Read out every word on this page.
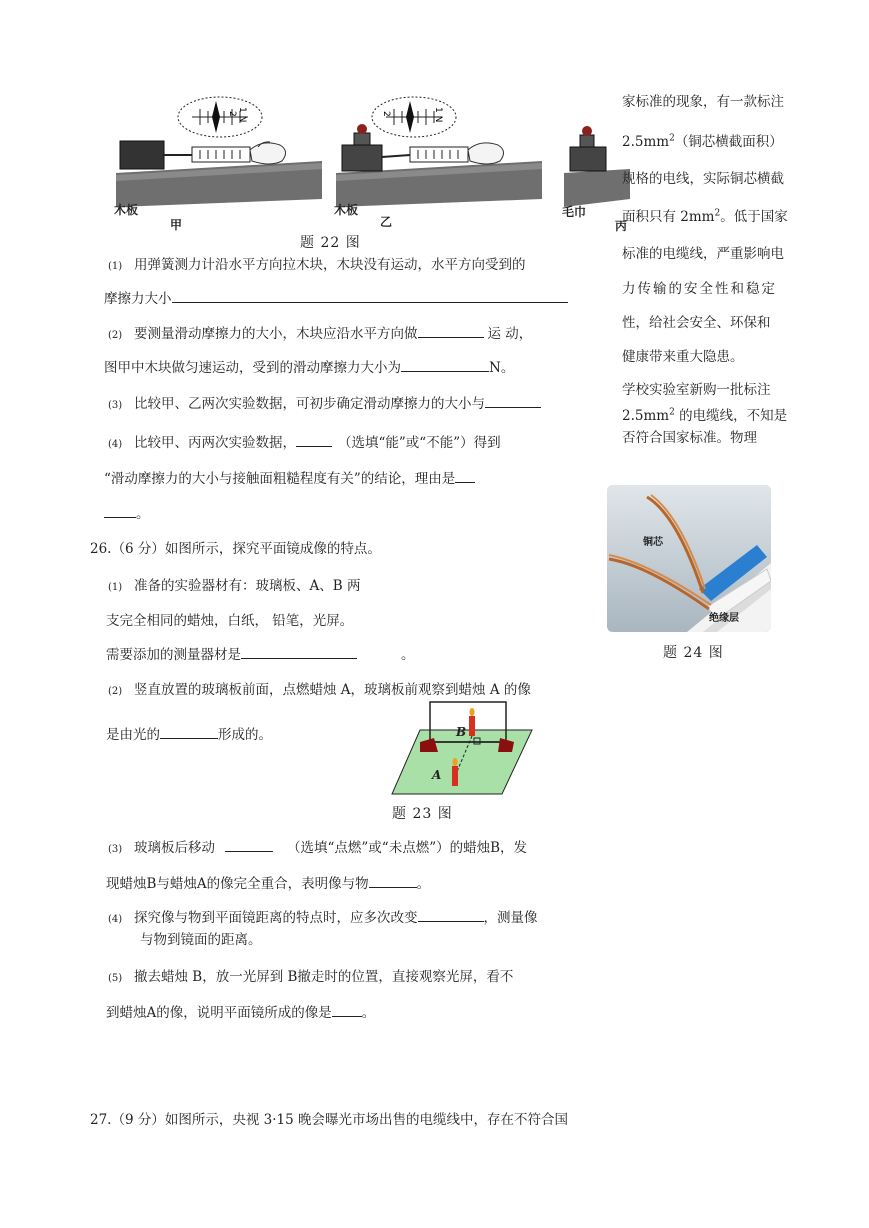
2 1 N
木板
甲
2	1 N
木板
乙
毛巾
丙
题 22 图
(1) 用弹簧测力计沿水平方向拉木块，木块没有运动，水平方向受到的
摩擦力大小
(2) 要测量滑动摩擦力的大小，木块应沿水平方向做	运 动，
图甲中木块做匀速运动，受到的滑动摩擦力大小为	N。
(3) 比较甲、乙两次实验数据，可初步确定滑动摩擦力的大小与
(4) 比较甲、丙两次实验数据，	（选填“能”或“不能”）得到
“滑动摩擦力的大小与接触面粗糙程度有关”的结论，理由是
。
26.（6 分）如图所示，探究平面镜成像的特点。
(1) 准备的实验器材有：玻璃板、A、B 两
支完全相同的蜡烛，白纸， 铅笔，光屏。
需要添加的测量器材是	。
(2) 竖直放置的玻璃板前面，点燃蜡烛 A，玻璃板前观察到蜡烛 A 的像
是由光的	形成的。	B
A
题 23 图
(3) 玻璃板后移动	（选填“点燃”或“未点燃”）的蜡烛B，发
现蜡烛B与蜡烛A的像完全重合，表明像与物	。
(4) 探究像与物到平面镜距离的特点时，应多次改变	，测量像
与物到镜面的距离。
(5) 撤去蜡烛 B，放一光屏到 B撤走时的位置，直接观察光屏，看不
到蜡烛A的像，说明平面镜所成的像是 。
27.（9 分）如图所示，央视 3·15 晚会曝光市场出售的电缆线中，存在不符合国
家标准的现象，有一款标注
$2.5mm^2$（铜芯横截面积）
规格的电线，实际铜芯横截
面积只有 $2mm^2$。低于国家
标准的电缆线，严重影响电
力传输的安全性和稳定
性，给社会安全、环保和
健康带来重大隐患。
学校实验室新购一批标注
$2.5mm^2$ 的电缆线，不知是
否符合国家标准。物理
铜芯
绝缘层
题 24 图
